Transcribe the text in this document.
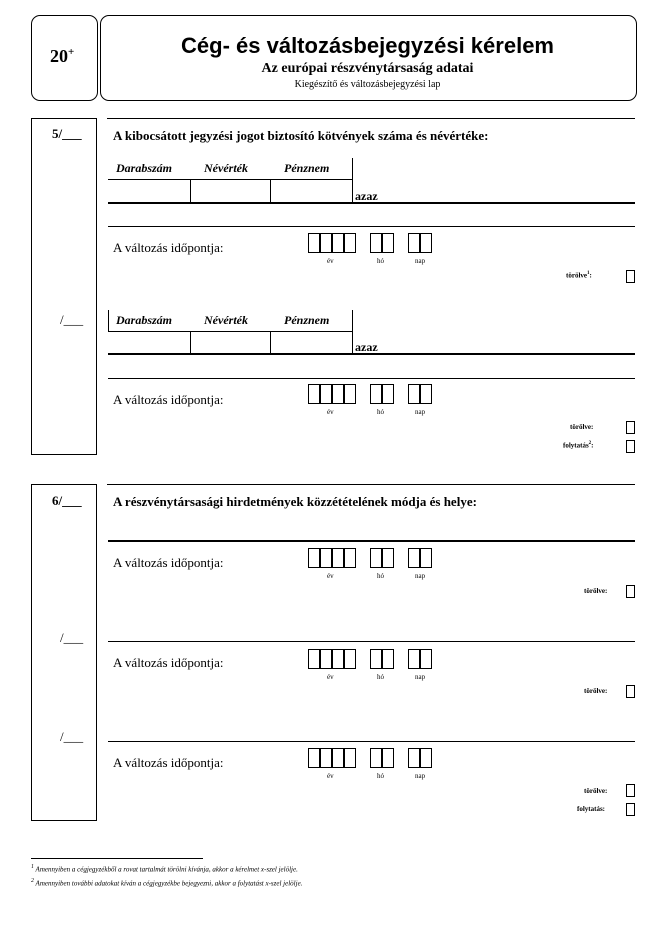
20+	Cég- és változásbejegyzési kérelem
Az európai részvénytársaság adatai
Kiegészítő és változásbejegyzési lap
5/___ A kibocsátott jegyzési jogot biztosító kötvények száma és névértéke:
Darabszám	Névérték	Pénznem
azaz
A változás időpontja:
év	hó	nap
törölve$^1$:
/___	Darabszám	Névérték	Pénznem
azaz
A változás időpontja:
év	hó	nap
törölve:
folytatás$^2$:
6/___ A részvénytársasági hirdetmények közzétételének módja és helye:
A változás időpontja:
év	hó	nap
törölve:
/___
A változás időpontja:
év	hó	nap
törölve:
/___
A változás időpontja:
év	hó	nap
törölve:
folytatás:
$^1$ Amennyiben a cégjegyzékből a rovat tartalmát törölni kívánja, akkor a kérelmet x-szel jelölje.
$^2$ Amennyiben további adatokat kíván a cégjegyzékbe bejegyezni, akkor a folytatást x-szel jelölje.
